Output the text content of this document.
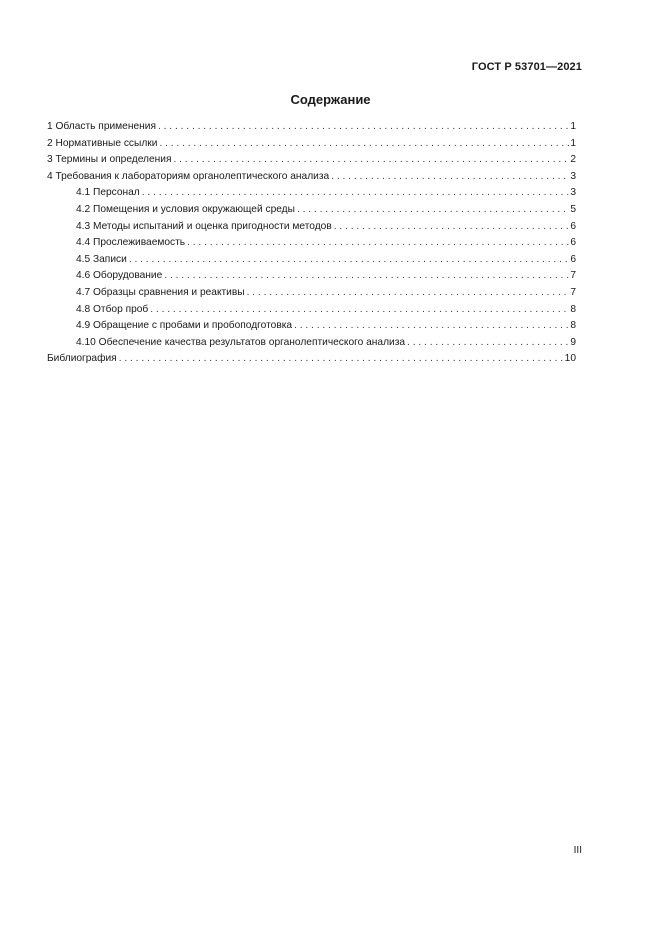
ГОСТ Р 53701—2021
Содержание
1 Область применения . . .	1
2 Нормативные ссылки . . .	1
3 Термины и определения . . .	2
4 Требования к лабораториям органолептического анализа . . .	3
4.1 Персонал . . .	3
4.2 Помещения и условия окружающей среды . . .	5
4.3 Методы испытаний и оценка пригодности методов . . .	6
4.4 Прослеживаемость . . .	6
4.5 Записи . . .	6
4.6 Оборудование . . .	7
4.7 Образцы сравнения и реактивы . . .	7
4.8 Отбор проб . . .	8
4.9 Обращение с пробами и пробоподготовка . . .	8
4.10 Обеспечение качества результатов органолептического анализа . . .	9
Библиография . . .	10
III
